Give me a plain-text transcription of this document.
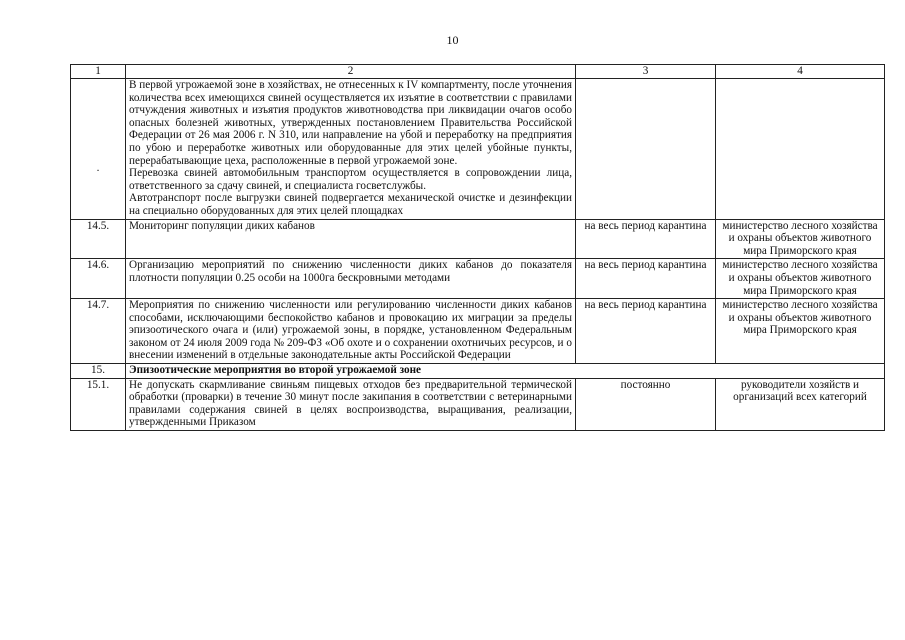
10
1	2	3	4
.	В первой угрожаемой зоне в хозяйствах, не отнесенных к IV компартменту, после уточнения количества всех имеющихся свиней осуществляется их изъятие в соответствии с правилами отчуждения животных и изъятия продуктов животноводства при ликвидации очагов особо опасных болезней животных, утвержденных постановлением Правительства Российской Федерации от 26 мая 2006 г. N 310, или направление на убой и переработку на предприятия по убою и переработке животных или оборудованные для этих целей убойные пункты, перерабатывающие цеха, расположенные в первой угрожаемой зоне.

Перевозка свиней автомобильным транспортом осуществляется в сопровождении лица, ответственного за сдачу свиней, и специалиста госветслужбы.

Автотранспорт после выгрузки свиней подвергается механической очистке и дезинфекции на специально оборудованных для этих целей площадках		

14.5.	Мониторинг популяции диких кабанов	на весь период карантина	министерство лесного хозяйства и охраны объектов животного мира Приморского края
14.6.	Организацию мероприятий по снижению численности диких кабанов до показателя плотности популяции 0.25 особи на 1000га бескровными методами	на весь период карантина	министерство лесного хозяйства и охраны объектов животного мира Приморского края
14.7.	Мероприятия по снижению численности или регулированию численности диких кабанов способами, исключающими беспокойство кабанов и провокацию их миграции за пределы эпизоотического очага и (или) угрожаемой зоны, в порядке, установленном Федеральным законом от 24 июля 2009 года № 209-ФЗ «Об охоте и о сохранении охотничьих ресурсов, и о внесении изменений в отдельные законодательные акты Российской Федерации	на весь период карантина	министерство лесного хозяйства и охраны объектов животного мира Приморского края
15.	Эпизоотические мероприятия во второй угрожаемой зоне		
15.1.	Не допускать скармливание свиньям пищевых отходов без предварительной термической обработки (проварки) в течение 30 минут после закипания в соответствии с ветеринарными правилами содержания свиней в целях воспроизводства, выращивания, реализации, утвержденными Приказом	постоянно	руководители хозяйств и организаций всех категорий
